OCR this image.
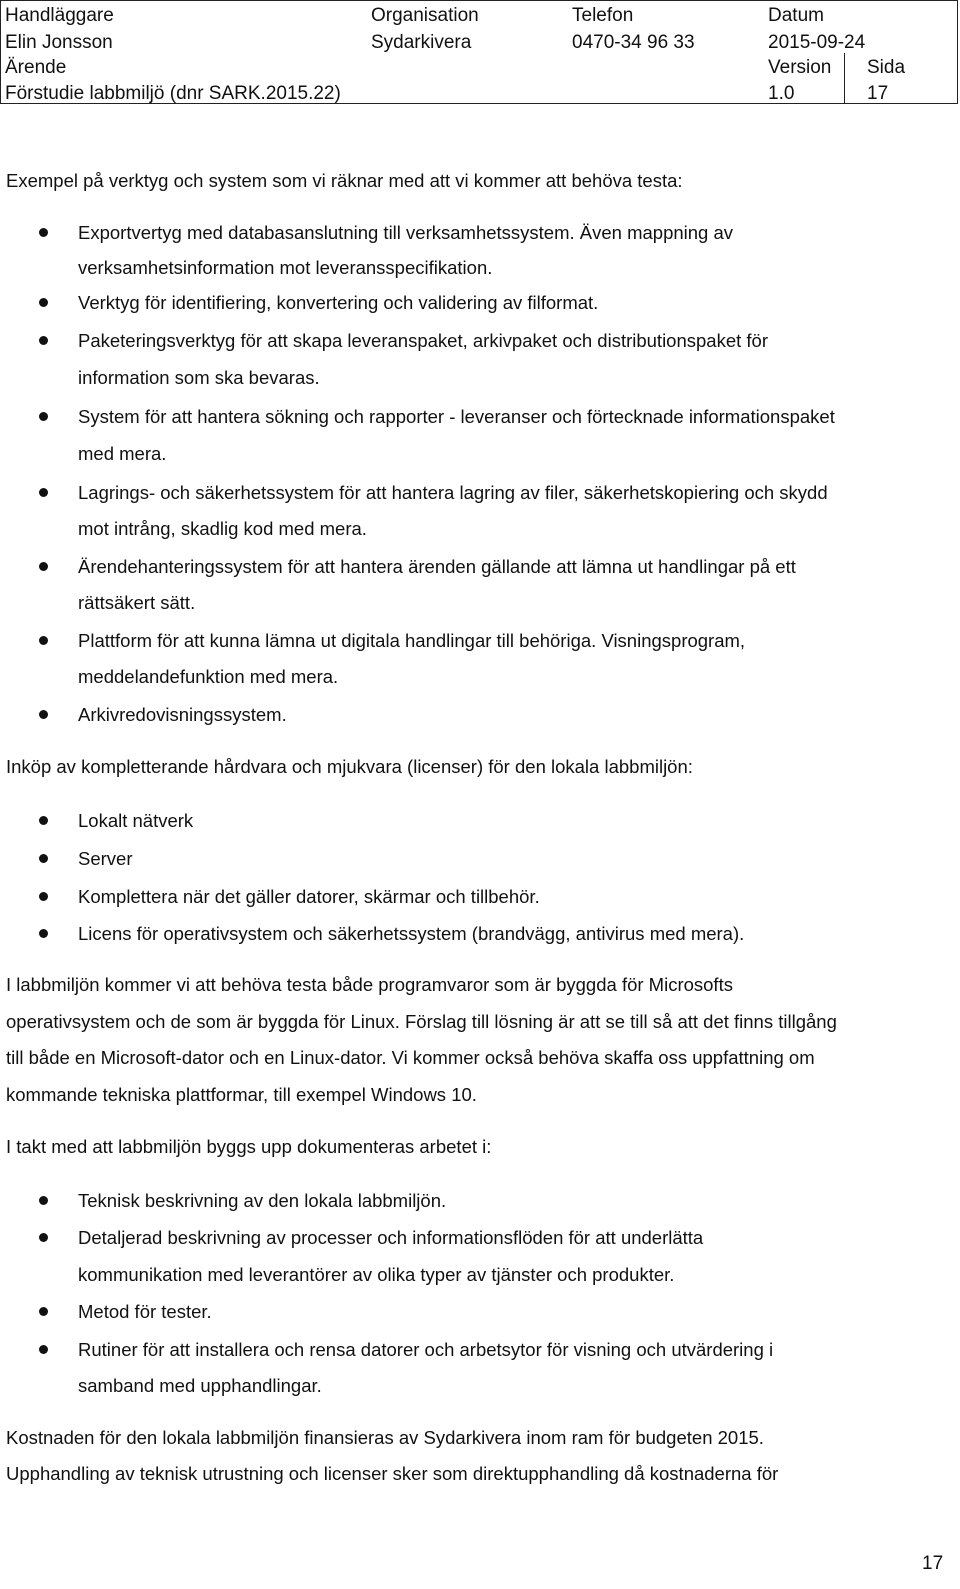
Handläggare
Elin Jonsson
Organisation
Sydarkivera
Telefon
0470-34 96 33
Datum
2015-09-24
Ärende
Förstudie labbmiljö (dnr SARK.2015.22)
Version
1.0
Sida
17
Exempel på verktyg och system som vi räknar med att vi kommer att behöva testa:
Exportvertyg med databasanslutning till verksamhetssystem. Även mappning av
verksamhetsinformation mot leveransspecifikation.
Verktyg för identifiering, konvertering och validering av filformat.
Paketeringsverktyg för att skapa leveranspaket, arkivpaket och distributionspaket för
information som ska bevaras.
System för att hantera sökning och rapporter - leveranser och förtecknade informationspaket
med mera.
Lagrings- och säkerhetssystem för att hantera lagring av filer, säkerhetskopiering och skydd
mot intrång, skadlig kod med mera.
Ärendehanteringssystem för att hantera ärenden gällande att lämna ut handlingar på ett
rättsäkert sätt.
Plattform för att kunna lämna ut digitala handlingar till behöriga. Visningsprogram,
meddelandefunktion med mera.
Arkivredovisningssystem.
Inköp av kompletterande hårdvara och mjukvara (licenser) för den lokala labbmiljön:
Lokalt nätverk
Server
Komplettera när det gäller datorer, skärmar och tillbehör.
Licens för operativsystem och säkerhetssystem (brandvägg, antivirus med mera).
I labbmiljön kommer vi att behöva testa både programvaror som är byggda för Microsofts
operativsystem och de som är byggda för Linux. Förslag till lösning är att se till så att det finns tillgång
till både en Microsoft-dator och en Linux-dator. Vi kommer också behöva skaffa oss uppfattning om
kommande tekniska plattformar, till exempel Windows 10.
I takt med att labbmiljön byggs upp dokumenteras arbetet i:
Teknisk beskrivning av den lokala labbmiljön.
Detaljerad beskrivning av processer och informationsflöden för att underlätta
kommunikation med leverantörer av olika typer av tjänster och produkter.
Metod för tester.
Rutiner för att installera och rensa datorer och arbetsytor för visning och utvärdering i
samband med upphandlingar.
Kostnaden för den lokala labbmiljön finansieras av Sydarkivera inom ram för budgeten 2015.
Upphandling av teknisk utrustning och licenser sker som direktupphandling då kostnaderna för
17
